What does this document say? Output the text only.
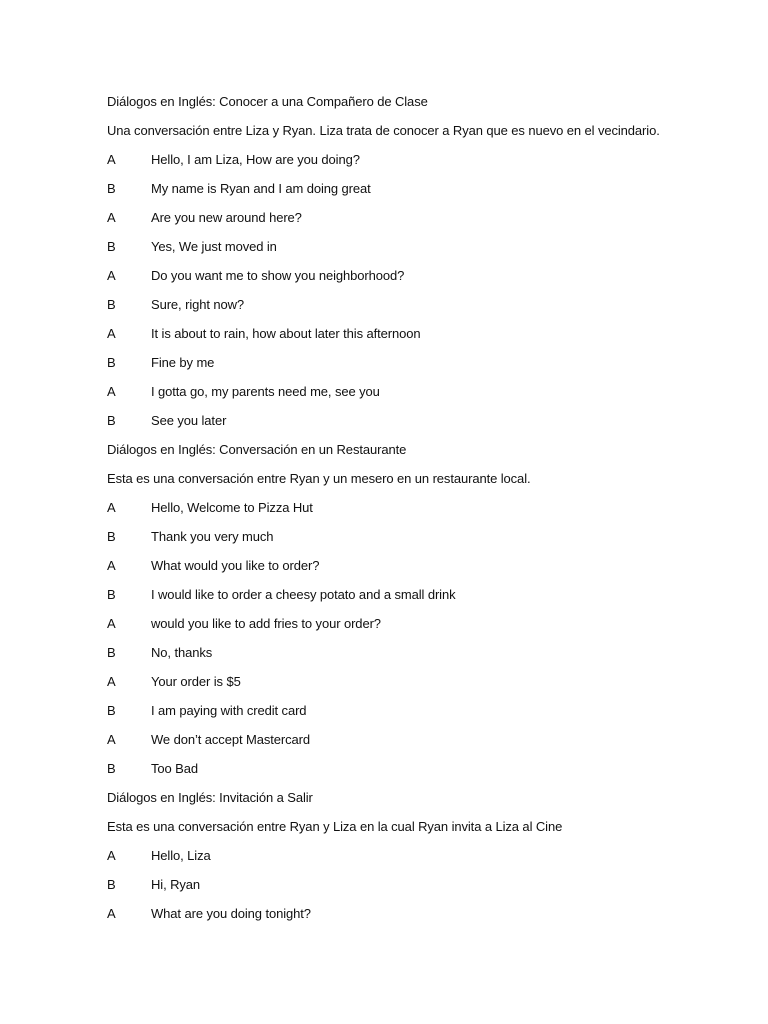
Diálogos en Inglés: Conocer a una Compañero de Clase
Una conversación entre Liza y Ryan. Liza trata de conocer a Ryan que es nuevo en el vecindario.
A	Hello, I am Liza, How are you doing?
B	My name is Ryan and I am doing great
A	Are you new around here?
B	Yes, We just moved in
A	Do you want me to show you neighborhood?
B	Sure, right now?
A	It is about to rain, how about later this afternoon
B	Fine by me
A	I gotta go, my parents need me, see you
B	See you later
Diálogos en Inglés: Conversación en un Restaurante
Esta es una conversación entre Ryan y un mesero en un restaurante local.
A	Hello, Welcome to Pizza Hut
B	Thank you very much
A	What would you like to order?
B	I would like to order a cheesy potato and a small drink
A	would you like to add fries to your order?
B	No, thanks
A	Your order is $5
B	I am paying with credit card
A	We don’t accept Mastercard
B	Too Bad
Diálogos en Inglés: Invitación a Salir
Esta es una conversación entre Ryan y Liza en la cual Ryan invita a Liza al Cine
A	Hello, Liza
B	Hi, Ryan
A	What are you doing tonight?
